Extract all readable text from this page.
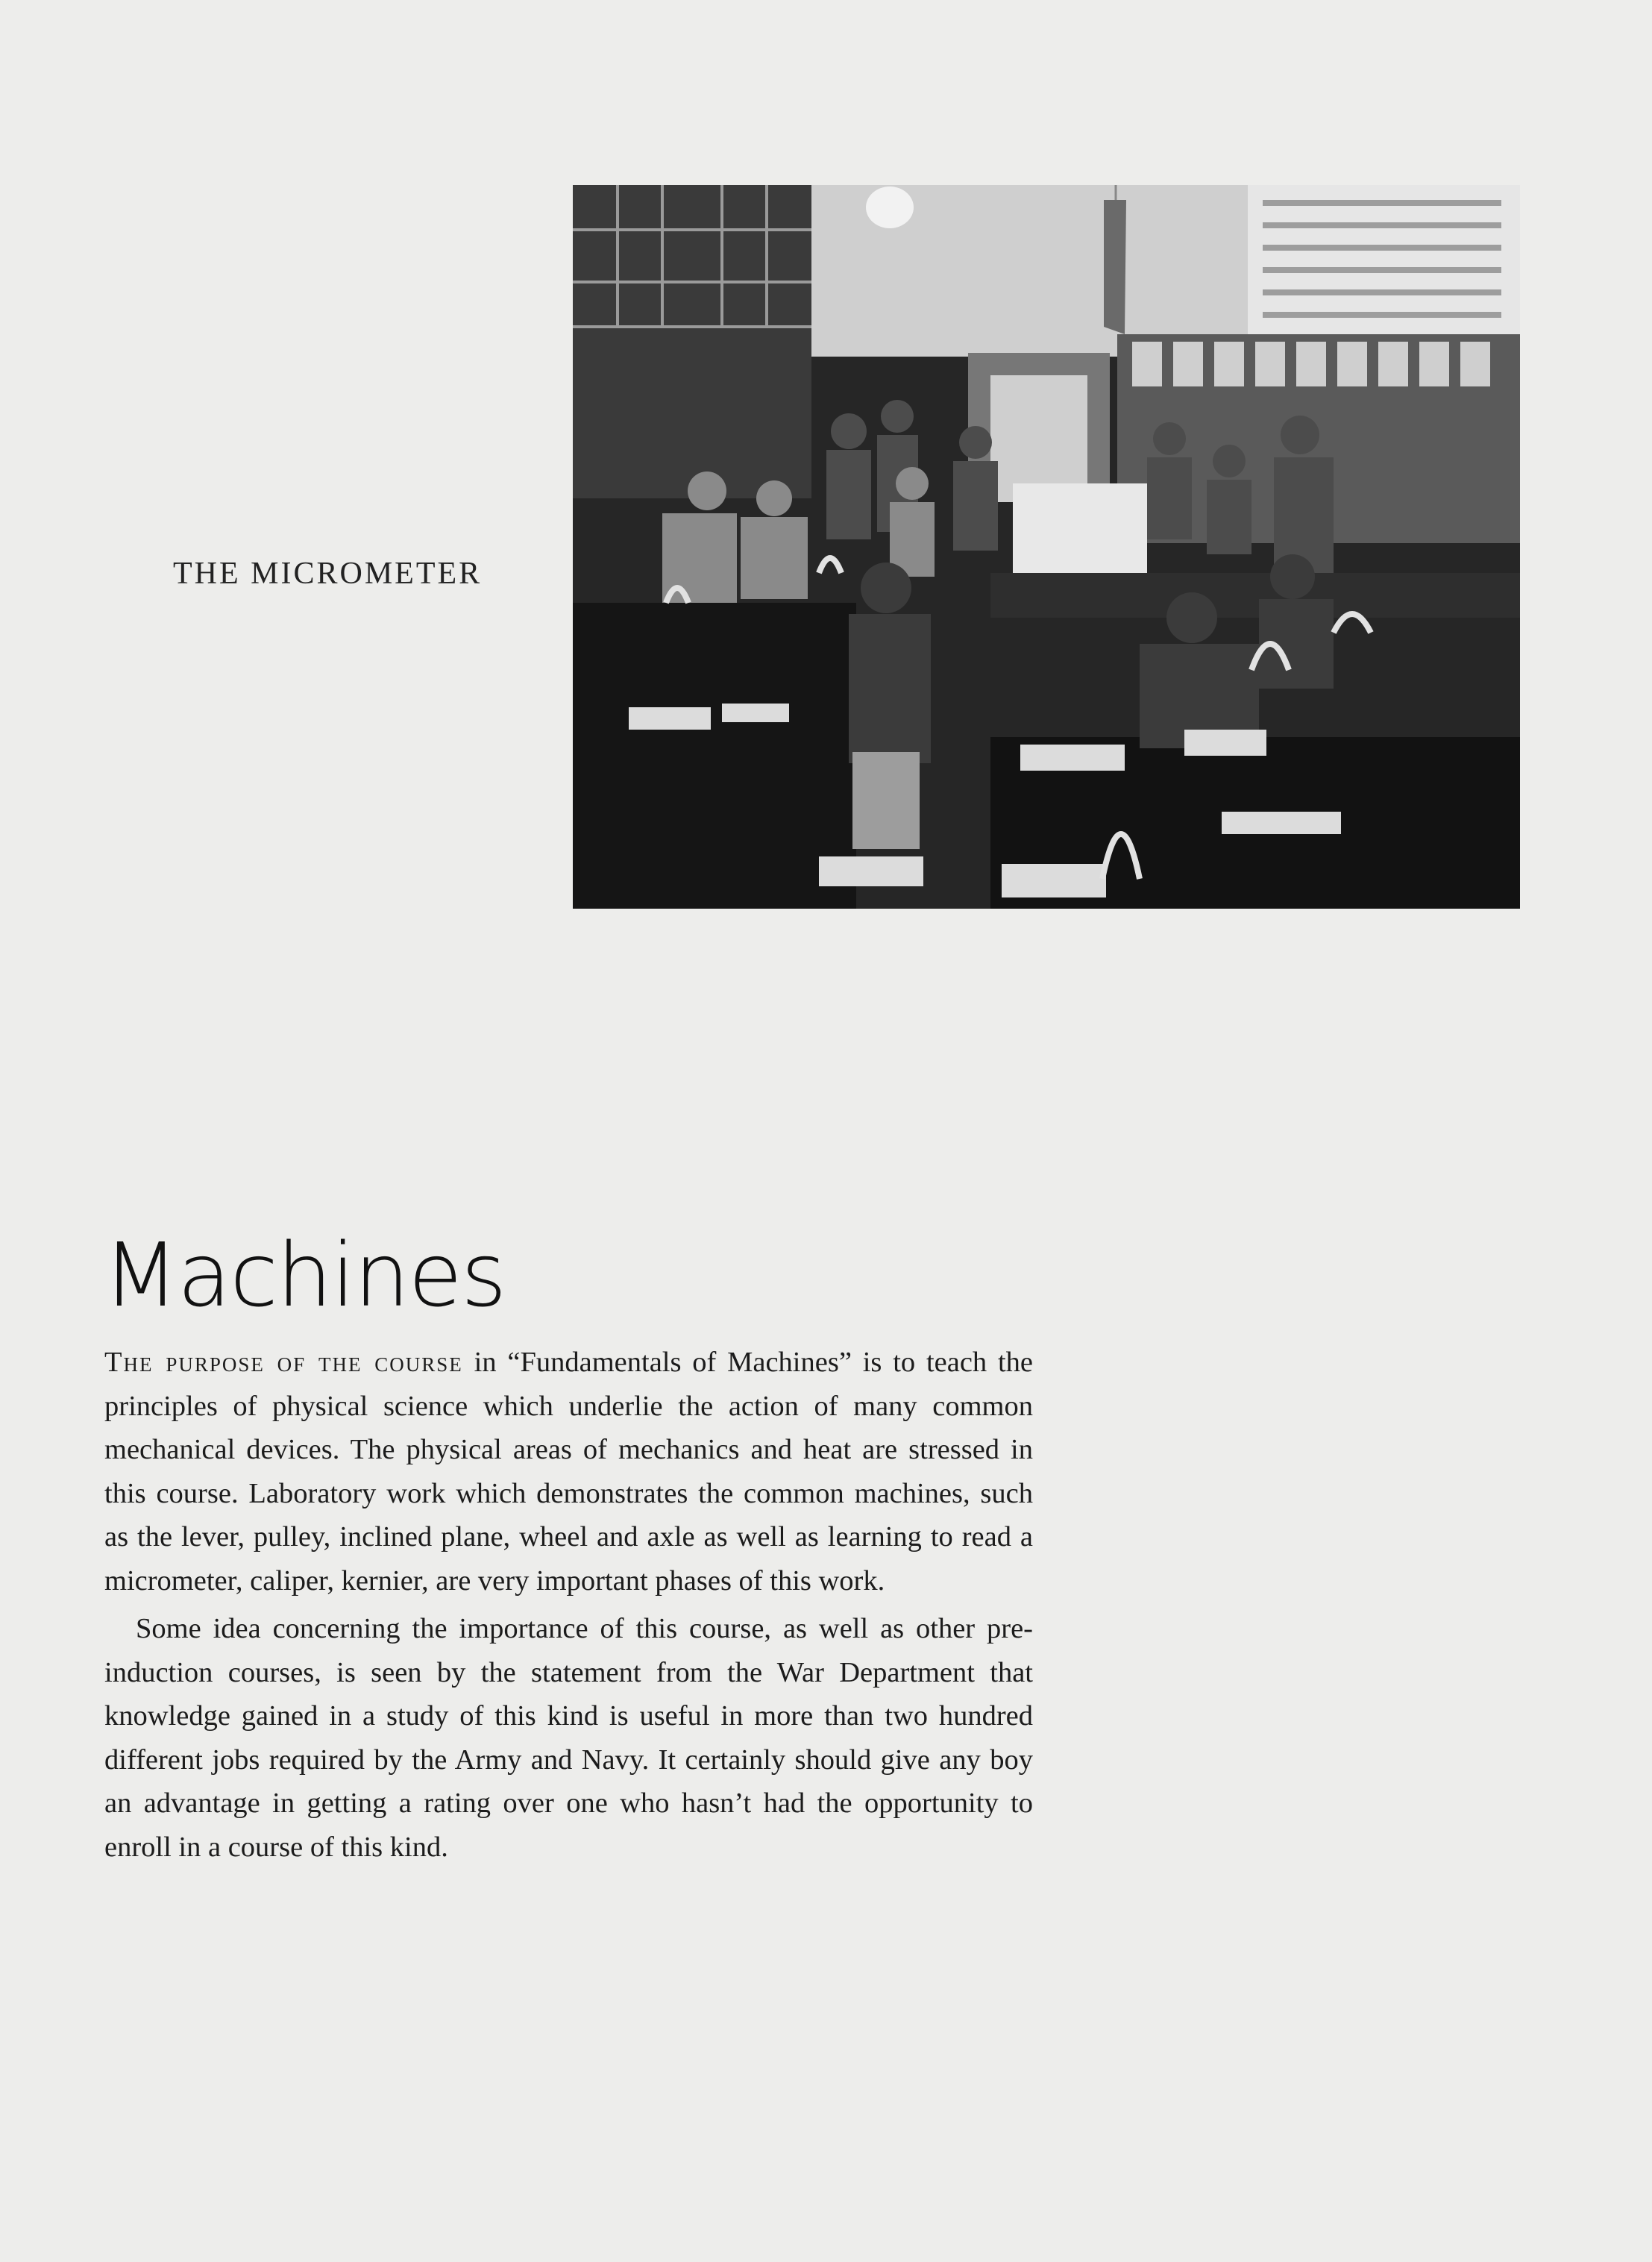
THE MICROMETER
Machines

The purpose of the course in “Fundamentals of Machines” is to teach the principles of physical science which underlie the action of many common mechanical devices. The physical areas of mechanics and heat are stressed in this course. Laboratory work which demonstrates the common machines, such as the lever, pulley, inclined plane, wheel and axle as well as learning to read a micrometer, caliper, kernier, are very important phases of this work.

Some idea concerning the importance of this course, as well as other pre-induction courses, is seen by the statement from the War Department that knowledge gained in a study of this kind is useful in more than two hundred different jobs required by the Army and Navy. It certainly should give any boy an advantage in getting a rating over one who hasn’t had the opportunity to enroll in a course of this kind.
